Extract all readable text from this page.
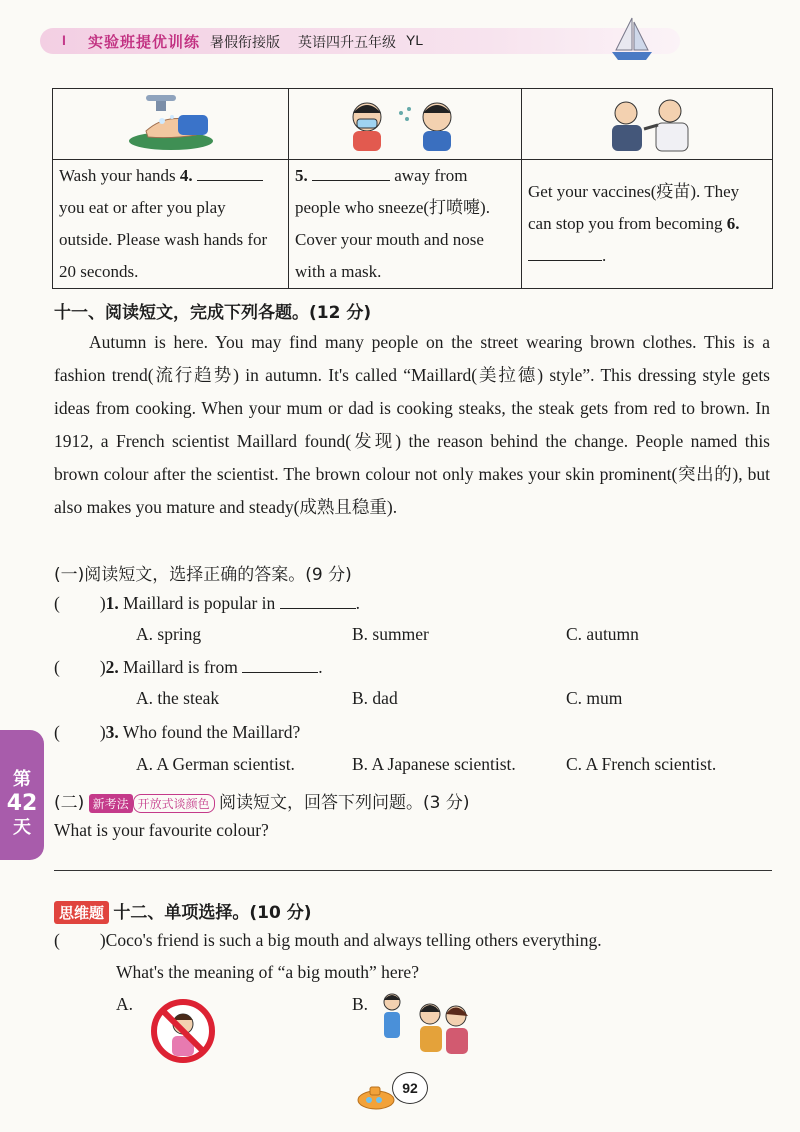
I 实验班提优训练 暑假衔接版 英语四升五年级 YL

Wash your hands 4.  you eat or after you play outside. Please wash hands for 20 seconds.	5. away from people who sneeze(打喷嚏). Cover your mouth and nose with a mask.	Get your vaccines(疫苗). They can stop you from becoming 6. .
十一、阅读短文，完成下列各题。(12 分)
Autumn is here. You may find many people on the street wearing brown clothes. This is a fashion trend(流行趋势) in autumn. It's called “Maillard(美拉德) style”. This dressing style gets ideas from cooking. When your mum or dad is cooking steaks, the steak gets from red to brown. In 1912, a French scientist Maillard found(发现) the reason behind the change. People named this brown colour after the scientist. The brown colour not only makes your skin prominent(突出的), but also makes you mature and steady(成熟且稳重).
(一)阅读短文，选择正确的答案。(9 分)
( )1. Maillard is popular in	.
A. spring	B. summer	C. autumn
( )2. Maillard is from	.
A. the steak	B. dad	C. mum
( )3. Who found the Maillard?
A. A German scientist.	B. A Japanese scientist.	C. A French scientist.
(二) 新考法 开放式谈颜色 阅读短文，回答下列问题。(3 分)
What is your favourite colour?
思维题 十二、单项选择。(10 分)
( )Coco's friend is such a big mouth and always telling others everything.
What's the meaning of “a big mouth” here?
A.	B.
第
42
天
92
